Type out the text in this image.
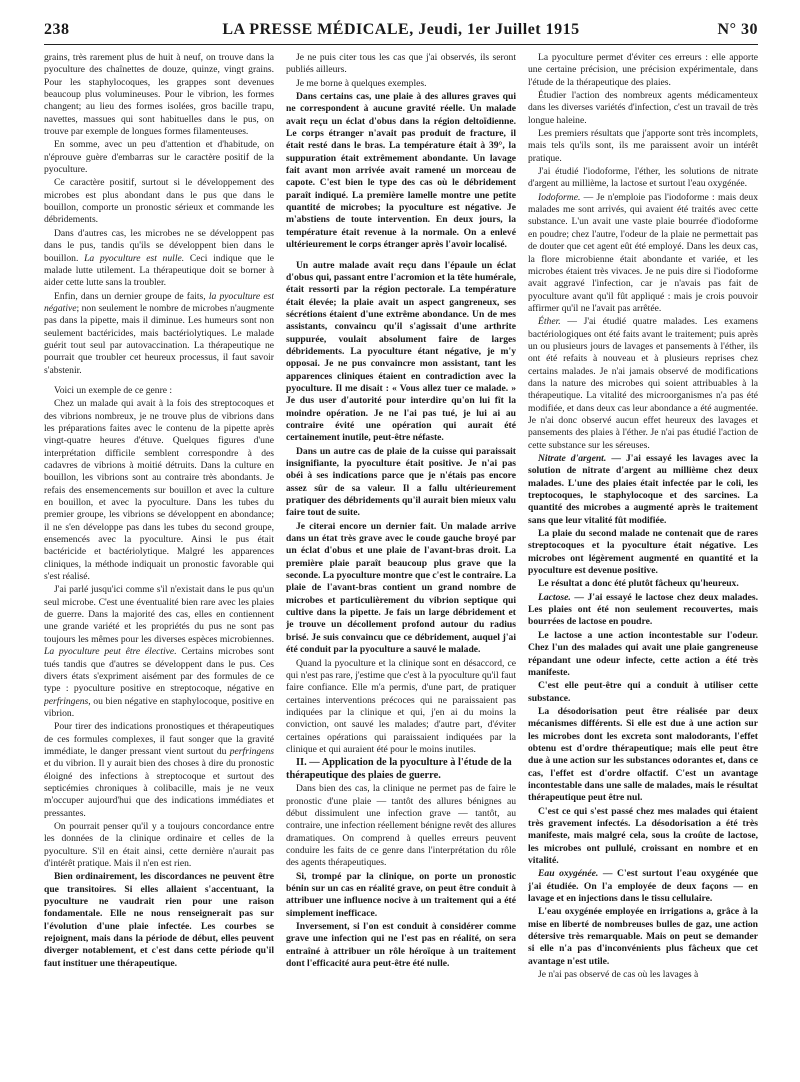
238	LA PRESSE MÉDICALE, Jeudi, 1er Juillet 1915	N° 30

grains, très rarement plus de huit à neuf, on trouve dans la pyoculture des chaînettes de douze, quinze, vingt grains. Pour les staphylocoques, les grappes sont devenues beaucoup plus volumineuses. Pour le vibrion, les formes changent; au lieu des formes isolées, gros bacille trapu, navettes, massues qui sont habituelles dans le pus, on trouve par exemple de longues formes filamenteuses.

En somme, avec un peu d'attention et d'habitude, on n'éprouve guère d'embarras sur le caractère positif de la pyoculture.

Ce caractère positif, surtout si le développement des microbes est plus abondant dans le pus que dans le bouillon, comporte un pronostic sérieux et commande les débridements.

Dans d'autres cas, les microbes ne se développent pas dans le pus, tandis qu'ils se développent bien dans le bouillon. La pyoculture est nulle. Ceci indique que le malade lutte utilement. La thérapeutique doit se borner à aider cette lutte sans la troubler.

Enfin, dans un dernier groupe de faits, la pyoculture est négative; non seulement le nombre de microbes n'augmente pas dans la pipette, mais il diminue. Les humeurs sont non seulement bactéricides, mais bactériolytiques. Le malade guérit tout seul par autovaccination. La thérapeutique ne pourrait que troubler cet heureux processus, il faut savoir s'abstenir.

Voici un exemple de ce genre :

Chez un malade qui avait à la fois des streptocoques et des vibrions nombreux, je ne trouve plus de vibrions dans les préparations faites avec le contenu de la pipette après vingt-quatre heures d'étuve. Quelques figures d'une interprétation difficile semblent correspondre à des cadavres de vibrions à moitié détruits. Dans la culture en bouillon, les vibrions sont au contraire très abondants. Je refais des ensemencements sur bouillon et avec la culture en bouillon, et avec la pyoculture. Dans les tubes du premier groupe, les vibrions se développent en abondance; il ne s'en développe pas dans les tubes du second groupe, ensemencés avec la pyoculture. Ainsi le pus était bactéricide et bactériolytique. Malgré les apparences cliniques, la méthode indiquait un pronostic favorable qui s'est réalisé.

J'ai parlé jusqu'ici comme s'il n'existait dans le pus qu'un seul microbe. C'est une éventualité bien rare avec les plaies de guerre. Dans la majorité des cas, elles en contiennent une grande variété et les propriétés du pus ne sont pas toujours les mêmes pour les diverses espèces microbiennes. La pyoculture peut être élective. Certains microbes sont tués tandis que d'autres se développent dans le pus. Ces divers états s'expriment aisément par des formules de ce type : pyoculture positive en streptocoque, négative en perfringens, ou bien négative en staphylocoque, positive en vibrion.

Pour tirer des indications pronostiques et thérapeutiques de ces formules complexes, il faut songer que la gravité immédiate, le danger pressant vient surtout du perfringens et du vibrion. Il y aurait bien des choses à dire du pronostic éloigné des infections à streptocoque et surtout des septicémies chroniques à colibacille, mais je ne veux m'occuper aujourd'hui que des indications immédiates et pressantes.

On pourrait penser qu'il y a toujours concordance entre les données de la clinique ordinaire et celles de la pyoculture. S'il en était ainsi, cette dernière n'aurait pas d'intérêt pratique. Mais il n'en est rien.

Bien ordinairement, les discordances ne peuvent être que transitoires. Si elles allaient s'accentuant, la pyoculture ne vaudrait rien pour une raison fondamentale. Elle ne nous renseignerait pas sur l'évolution d'une plaie infectée. Les courbes se rejoignent, mais dans la période de début, elles peuvent diverger notablement, et c'est dans cette période qu'il faut instituer une thérapeutique.

Je ne puis citer tous les cas que j'ai observés, ils seront publiés ailleurs.

Je me borne à quelques exemples.

Dans certains cas, une plaie à des allures graves qui ne correspondent à aucune gravité réelle. Un malade avait reçu un éclat d'obus dans la région deltoïdienne. Le corps étranger n'avait pas produit de fracture, il était resté dans le bras. La température était à 39°, la suppuration était extrêmement abondante. Un lavage fait avant mon arrivée avait ramené un morceau de capote. C'est bien le type des cas où le débridement paraît indiqué. La première lamelle montre une petite quantité de microbes; la pyoculture est négative. Je m'abstiens de toute intervention. En deux jours, la température était revenue à la normale. On a enlevé ultérieurement le corps étranger après l'avoir localisé.

Un autre malade avait reçu dans l'épaule un éclat d'obus qui, passant entre l'acromion et la tête humérale, était ressorti par la région pectorale. La température était élevée; la plaie avait un aspect gangreneux, ses sécrétions étaient d'une extrême abondance. Un de mes assistants, convaincu qu'il s'agissait d'une arthrite suppurée, voulait absolument faire de larges débridements. La pyoculture étant négative, je m'y opposai. Je ne pus convaincre mon assistant, tant les apparences cliniques étaient en contradiction avec la pyoculture. Il me disait : « Vous allez tuer ce malade. » Je dus user d'autorité pour interdire qu'on lui fît la moindre opération. Je ne l'ai pas tué, je lui ai au contraire évité une opération qui aurait été certainement inutile, peut-être néfaste.

Dans un autre cas de plaie de la cuisse qui paraissait insignifiante, la pyoculture était positive. Je n'ai pas obéi à ses indications parce que je n'étais pas encore assez sûr de sa valeur. Il a fallu ultérieurement pratiquer des débridements qu'il aurait bien mieux valu faire tout de suite.

Je citerai encore un dernier fait. Un malade arrive dans un état très grave avec le coude gauche broyé par un éclat d'obus et une plaie de l'avant-bras droit. La première plaie paraît beaucoup plus grave que la seconde. La pyoculture montre que c'est le contraire. La plaie de l'avant-bras contient un grand nombre de microbes et particulièrement du vibrion septique qui cultive dans la pipette. Je fais un large débridement et je trouve un décollement profond autour du radius brisé. Je suis convaincu que ce débridement, auquel j'ai été conduit par la pyoculture a sauvé le malade.

Quand la pyoculture et la clinique sont en désaccord, ce qui n'est pas rare, j'estime que c'est à la pyoculture qu'il faut faire confiance. Elle m'a permis, d'une part, de pratiquer certaines interventions précoces qui ne paraissaient pas indiquées par la clinique et qui, j'en ai du moins la conviction, ont sauvé les malades; d'autre part, d'éviter certaines opérations qui paraissaient indiquées par la clinique et qui auraient été pour le moins inutiles.

II. — Application de la pyoculture à l'étude de la thérapeutique des plaies de guerre.

Dans bien des cas, la clinique ne permet pas de faire le pronostic d'une plaie — tantôt des allures bénignes au début dissimulent une infection grave — tantôt, au contraire, une infection réellement bénigne revêt des allures dramatiques. On comprend à quelles erreurs peuvent conduire les faits de ce genre dans l'interprétation du rôle des agents thérapeutiques.

Si, trompé par la clinique, on porte un pronostic bénin sur un cas en réalité grave, on peut être conduit à attribuer une influence nocive à un traitement qui a été simplement inefficace.

Inversement, si l'on est conduit à considérer comme grave une infection qui ne l'est pas en réalité, on sera entraîné à attribuer un rôle héroïque à un traitement dont l'efficacité aura peut-être été nulle.

La pyoculture permet d'éviter ces erreurs : elle apporte une certaine précision, une précision expérimentale, dans l'étude de la thérapeutique des plaies.

Étudier l'action des nombreux agents médicamenteux dans les diverses variétés d'infection, c'est un travail de très longue haleine.

Les premiers résultats que j'apporte sont très incomplets, mais tels qu'ils sont, ils me paraissent avoir un intérêt pratique.

J'ai étudié l'iodoforme, l'éther, les solutions de nitrate d'argent au millième, la lactose et surtout l'eau oxygénée.

Iodoforme. — Je n'emploie pas l'iodoforme : mais deux malades me sont arrivés, qui avaient été traités avec cette substance. L'un avait une vaste plaie bourrée d'iodoforme en poudre; chez l'autre, l'odeur de la plaie ne permettait pas de douter que cet agent eût été employé. Dans les deux cas, la flore microbienne était abondante et variée, et les microbes étaient très vivaces. Je ne puis dire si l'iodoforme avait aggravé l'infection, car je n'avais pas fait de pyoculture avant qu'il fût appliqué : mais je crois pouvoir affirmer qu'il ne l'avait pas arrêtée.

Éther. — J'ai étudié quatre malades. Les examens bactériologiques ont été faits avant le traitement; puis après un ou plusieurs jours de lavages et pansements à l'éther, ils ont été refaits à nouveau et à plusieurs reprises chez certains malades. Je n'ai jamais observé de modifications dans la nature des microbes qui soient attribuables à la thérapeutique. La vitalité des microorganismes n'a pas été modifiée, et dans deux cas leur abondance a été augmentée. Je n'ai donc observé aucun effet heureux des lavages et pansements des plaies à l'éther. Je n'ai pas étudié l'action de cette substance sur les séreuses.

Nitrate d'argent. — J'ai essayé les lavages avec la solution de nitrate d'argent au millième chez deux malades. L'une des plaies était infectée par le coli, les treptocoques, le staphylocoque et des sarcines. La quantité des microbes a augmenté après le traitement sans que leur vitalité fût modifiée.

La plaie du second malade ne contenait que de rares streptocoques et la pyoculture était négative. Les microbes ont légèrement augmenté en quantité et la pyoculture est devenue positive.

Le résultat a donc été plutôt fâcheux qu'heureux.

Lactose. — J'ai essayé le lactose chez deux malades. Les plaies ont été non seulement recouvertes, mais bourrées de lactose en poudre.

Le lactose a une action incontestable sur l'odeur. Chez l'un des malades qui avait une plaie gangreneuse répandant une odeur infecte, cette action a été très manifeste.

C'est elle peut-être qui a conduit à utiliser cette substance.

La désodorisation peut être réalisée par deux mécanismes différents. Si elle est due à une action sur les microbes dont les excreta sont malodorants, l'effet obtenu est d'ordre thérapeutique; mais elle peut être due à une action sur les substances odorantes et, dans ce cas, l'effet est d'ordre olfactif. C'est un avantage incontestable dans une salle de malades, mais le résultat thérapeutique peut être nul.

C'est ce qui s'est passé chez mes malades qui étaient très gravement infectés. La désodorisation a été très manifeste, mais malgré cela, sous la croûte de lactose, les microbes ont pullulé, croissant en nombre et en vitalité.

Eau oxygénée. — C'est surtout l'eau oxygénée que j'ai étudiée. On l'a employée de deux façons — en lavage et en injections dans le tissu cellulaire.

L'eau oxygénée employée en irrigations a, grâce à la mise en liberté de nombreuses bulles de gaz, une action détersive très remarquable. Mais on peut se demander si elle n'a pas d'inconvénients plus fâcheux que cet avantage n'est utile.

Je n'ai pas observé de cas où les lavages à
